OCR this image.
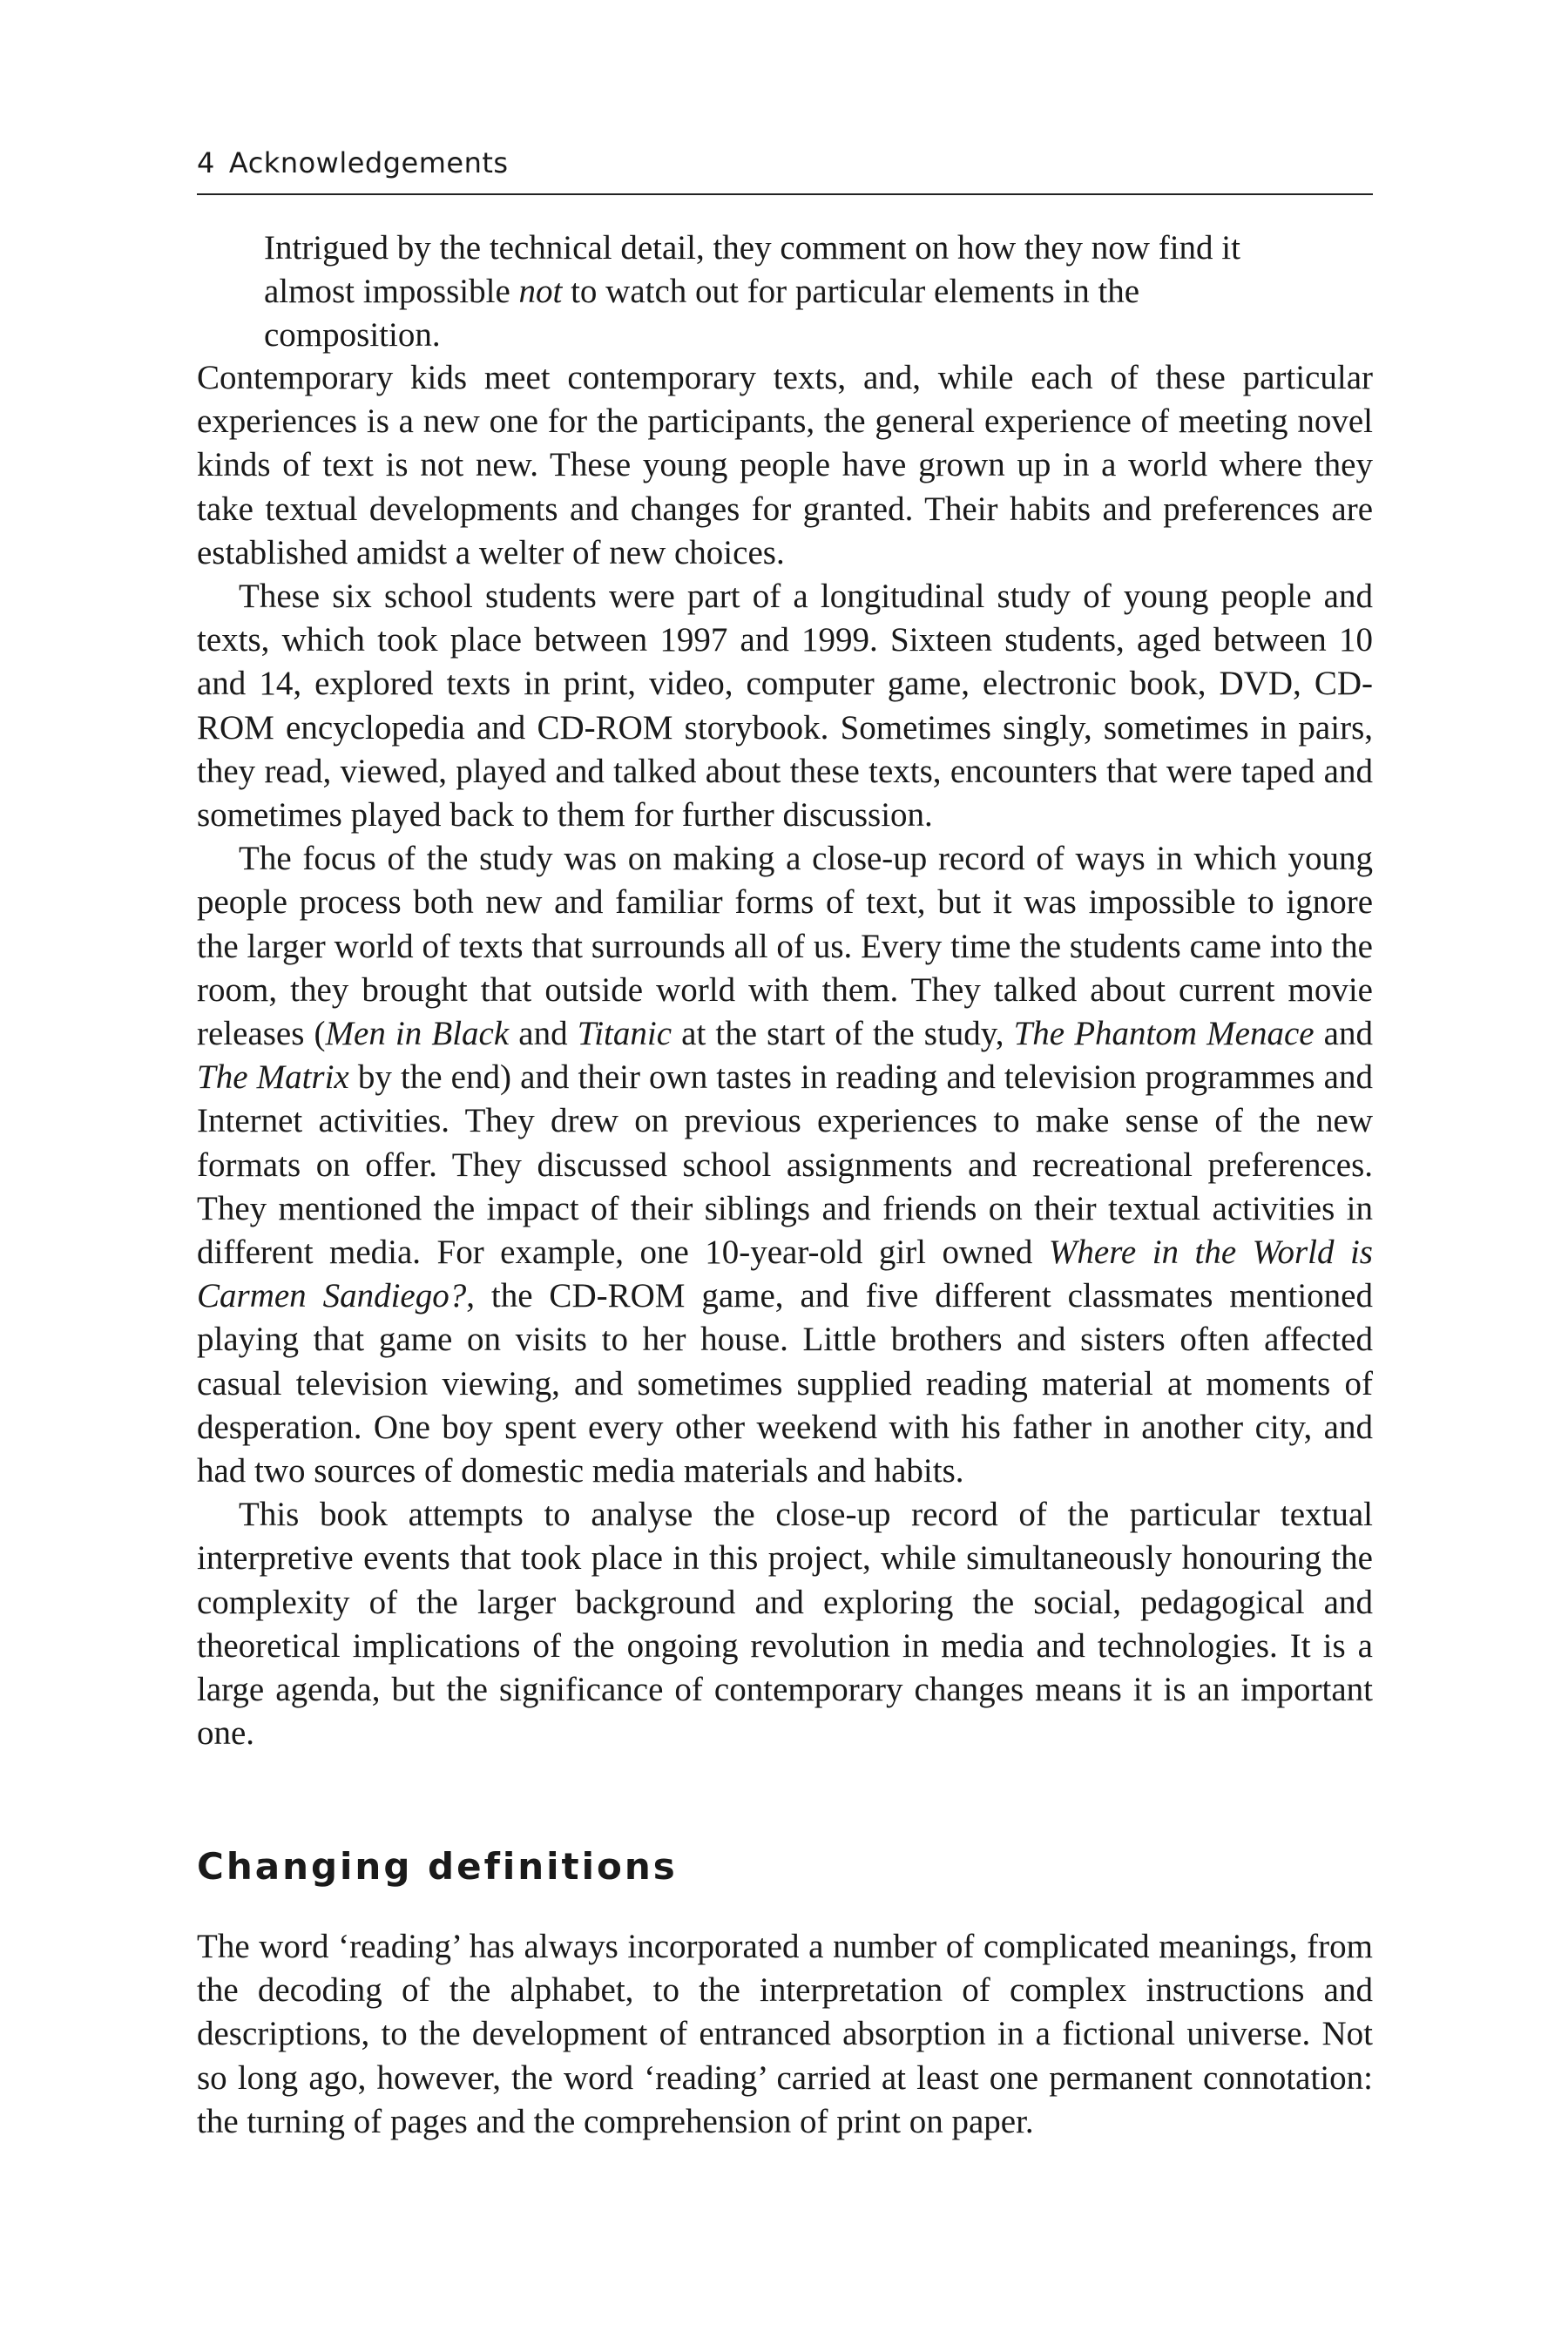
4 Acknowledgements

Intrigued by the technical detail, they comment on how they now find it almost impossible not to watch out for particular elements in the composition.

Contemporary kids meet contemporary texts, and, while each of these particular experiences is a new one for the participants, the general experience of meeting novel kinds of text is not new. These young people have grown up in a world where they take textual developments and changes for granted. Their habits and preferences are established amidst a welter of new choices.

These six school students were part of a longitudinal study of young people and texts, which took place between 1997 and 1999. Sixteen students, aged between 10 and 14, explored texts in print, video, computer game, electronic book, DVD, CD-ROM encyclopedia and CD-ROM storybook. Sometimes singly, sometimes in pairs, they read, viewed, played and talked about these texts, encounters that were taped and sometimes played back to them for further discussion.

The focus of the study was on making a close-up record of ways in which young people process both new and familiar forms of text, but it was impossible to ignore the larger world of texts that surrounds all of us. Every time the students came into the room, they brought that outside world with them. They talked about current movie releases (Men in Black and Titanic at the start of the study, The Phantom Menace and The Matrix by the end) and their own tastes in reading and television programmes and Internet activities. They drew on previous experiences to make sense of the new formats on offer. They discussed school assignments and recreational preferences. They mentioned the impact of their siblings and friends on their textual activities in different media. For example, one 10-year-old girl owned Where in the World is Carmen Sandiego?, the CD-ROM game, and five different classmates mentioned playing that game on visits to her house. Little brothers and sisters often affected casual television viewing, and sometimes supplied reading material at moments of desperation. One boy spent every other weekend with his father in another city, and had two sources of domestic media materials and habits.

This book attempts to analyse the close-up record of the particular textual interpretive events that took place in this project, while simultaneously honouring the complexity of the larger background and exploring the social, pedagogical and theoretical implications of the ongoing revolution in media and technologies. It is a large agenda, but the significance of contemporary changes means it is an important one.

Changing definitions

The word ‘reading’ has always incorporated a number of complicated meanings, from the decoding of the alphabet, to the interpretation of complex instructions and descriptions, to the development of entranced absorption in a fictional universe. Not so long ago, however, the word ‘reading’ carried at least one permanent connotation: the turning of pages and the comprehension of print on paper.
